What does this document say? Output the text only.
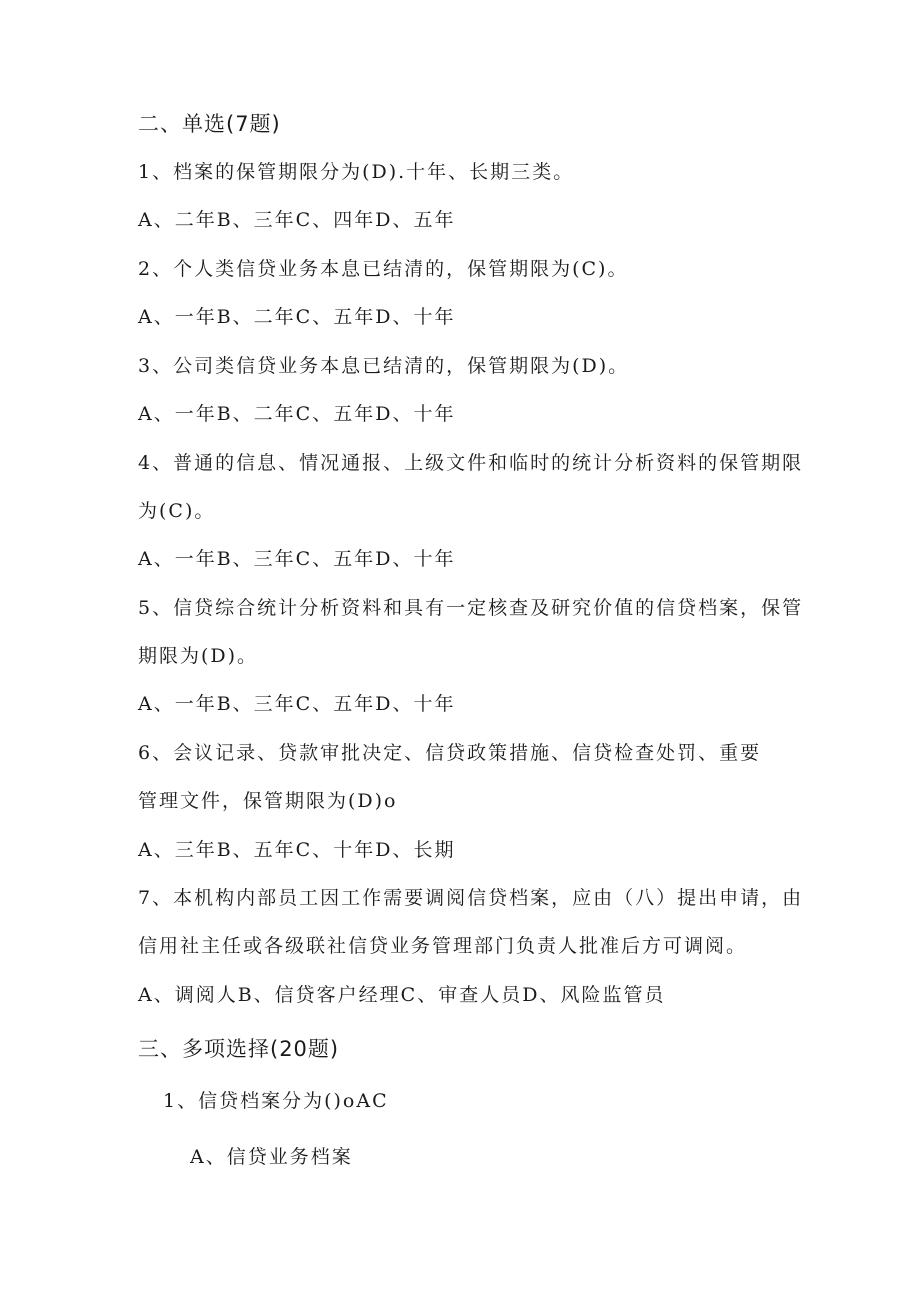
二、单选(7题)
1、档案的保管期限分为(D).十年、长期三类。
A、二年B、三年C、四年D、五年
2、个人类信贷业务本息已结清的，保管期限为(C)。
A、一年B、二年C、五年D、十年
3、公司类信贷业务本息已结清的，保管期限为(D)。
A、一年B、二年C、五年D、十年
4、普通的信息、情况通报、上级文件和临时的统计分析资料的保管期限
为(C)。
A、一年B、三年C、五年D、十年
5、信贷综合统计分析资料和具有一定核查及研究价值的信贷档案，保管
期限为(D)。
A、一年B、三年C、五年D、十年
6、会议记录、贷款审批决定、信贷政策措施、信贷检查处罚、重要
管理文件，保管期限为(D)o
A、三年B、五年C、十年D、长期
7、本机构内部员工因工作需要调阅信贷档案，应由（八）提出申请，由
信用社主任或各级联社信贷业务管理部门负责人批准后方可调阅。
A、调阅人B、信贷客户经理C、审查人员D、风险监管员
三、多项选择(20题)
1、信贷档案分为()oAC
A、信贷业务档案
